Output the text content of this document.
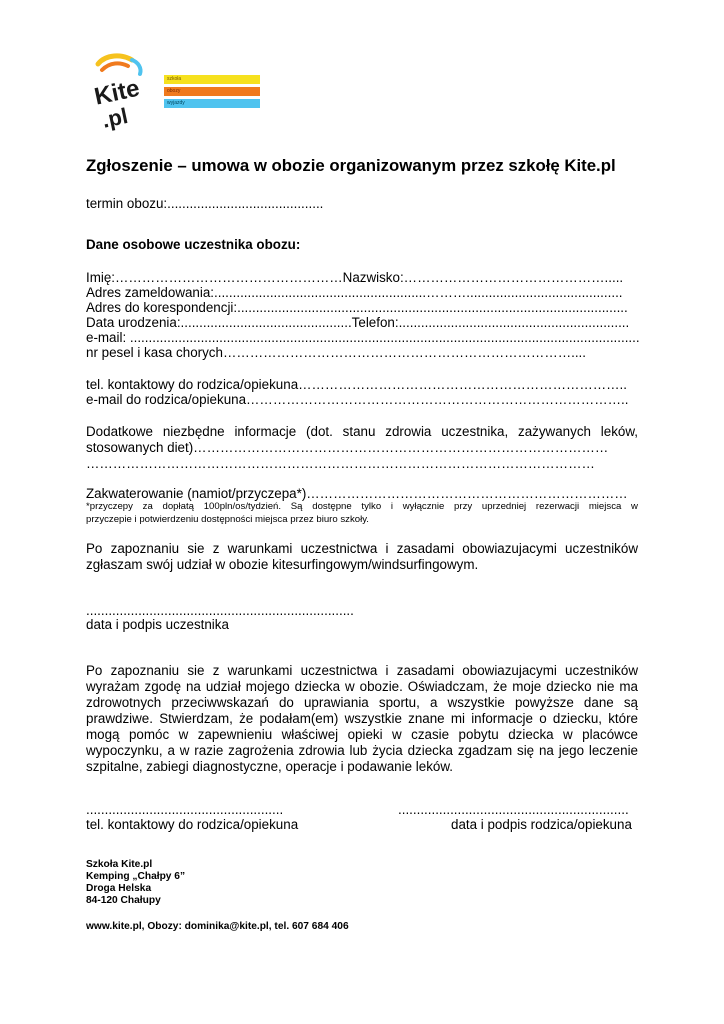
Kite
.pl
szkoła
obozy
wyjazdy
Zgłoszenie – umowa w obozie organizowanym przez szkołę Kite.pl
termin obozu:..........................................
Dane osobowe uczestnika obozu:
Imię:……………………………………………Nazwisko:……………………………………….....
Adres zameldowania:.........................................................………..........................................
Adres do korespondencji:.........................................................................................................
Data urodzenia:..............................................Telefon:..............................................................
e-mail: .........................................................................................................................................
nr pesel i kasa chorych……………………………………………………………………....
tel. kontaktowy do rodzica/opiekuna………………………………………………………………..
e-mail do rodzica/opiekuna…………………………………………………………………………..
Dodatkowe niezbędne informacje (dot. stanu zdrowia uczestnika, zażywanych leków,
stosowanych diet)…………………………………………………………………………………
……………………………………………………………………………………………………
Zakwaterowanie (namiot/przyczepa*)………………………………………………………………
*przyczepy za dopłatą 100pln/os/tydzień. Są dostępne tylko i wyłącznie przy uprzedniej rezerwacji miejsca w
przyczepie i potwierdzeniu dostępności miejsca przez biuro szkoły.
Po zapoznaniu sie z warunkami uczestnictwa i zasadami obowiazujacymi uczestników
zgłaszam swój udział w obozie kitesurfingowym/windsurfingowym.
........................................................................
data i podpis uczestnika
Po zapoznaniu sie z warunkami uczestnictwa i zasadami obowiazujacymi uczestników
wyrażam zgodę na udział mojego dziecka w obozie. Oświadczam, że moje dziecko nie ma
zdrowotnych przeciwwskazań do uprawiania sportu, a wszystkie powyższe dane są
prawdziwe. Stwierdzam, że podałam(em) wszystkie znane mi informacje o dziecku, które
mogą pomóc w zapewnieniu właściwej opieki w czasie pobytu dziecka w placówce
wypoczynku, a w razie zagrożenia zdrowia lub życia dziecka zgadzam się na jego leczenie
szpitalne, zabiegi diagnostyczne, operacje i podawanie leków.
.....................................................
tel. kontaktowy do rodzica/opiekuna
..............................................................
data i podpis rodzica/opiekuna
Szkoła Kite.pl
Kemping „Chałpy 6”
Droga Helska
84-120 Chałupy
www.kite.pl, Obozy: dominika@kite.pl, tel. 607 684 406
